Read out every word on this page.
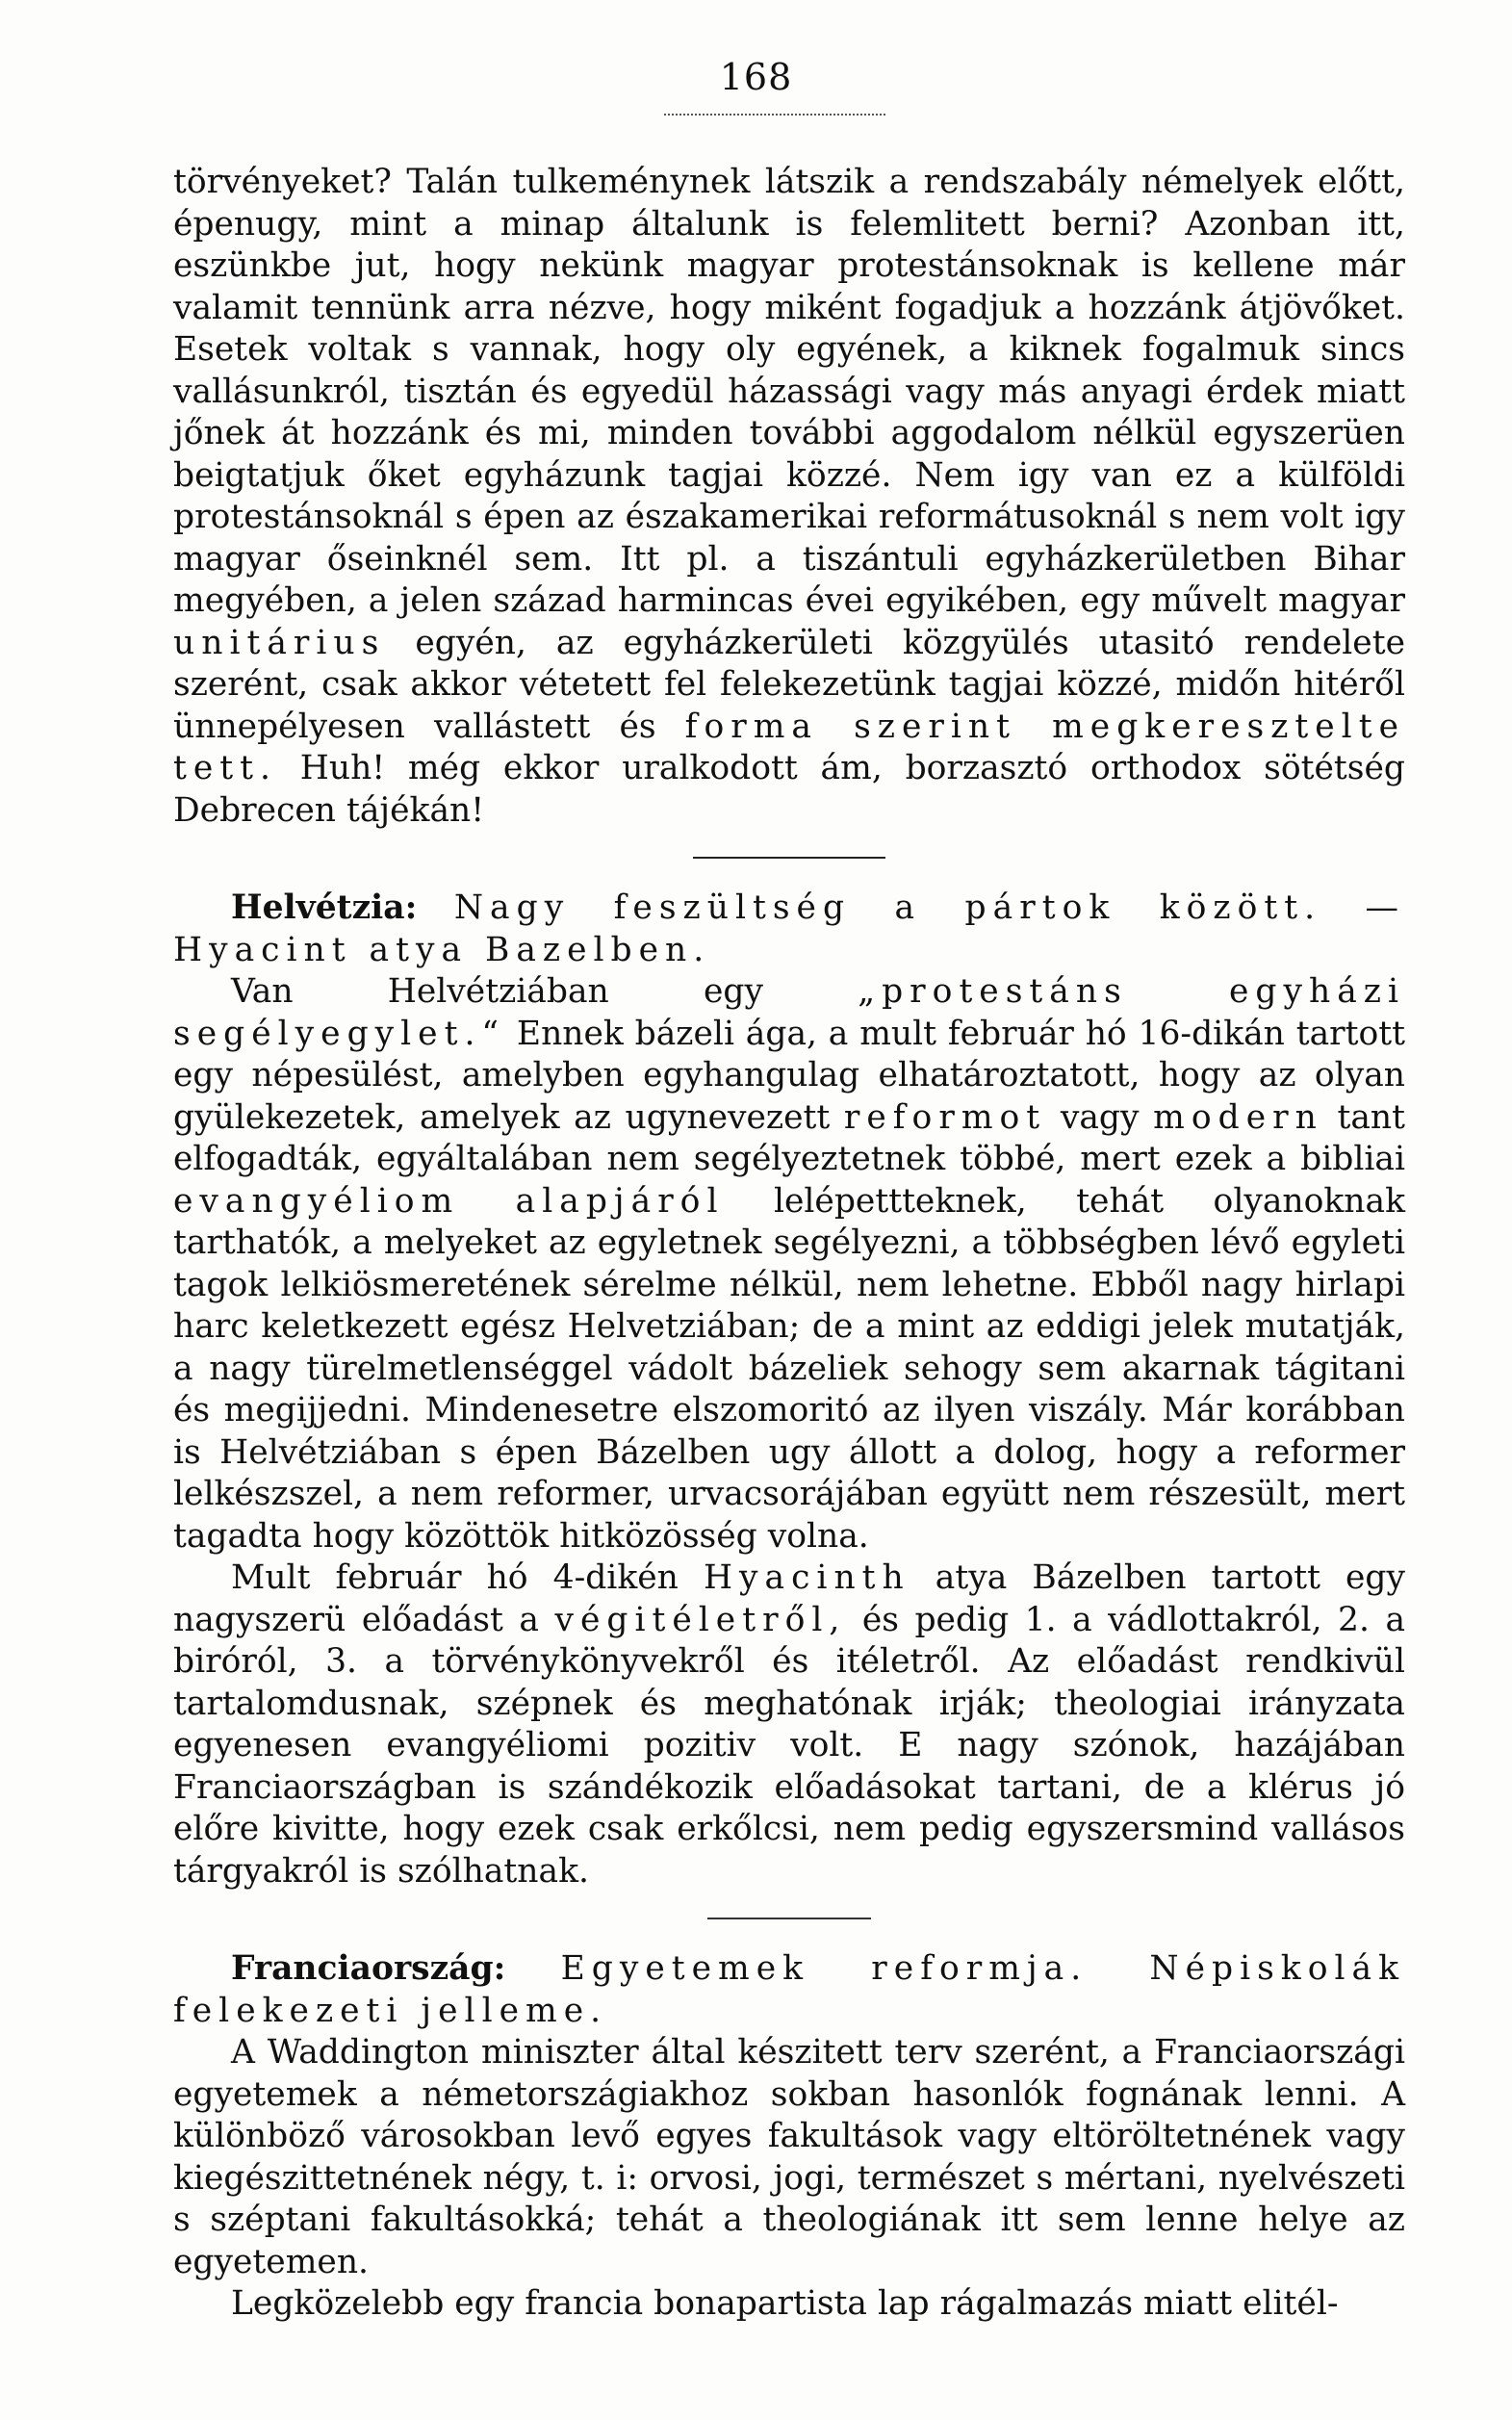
168

törvényeket? Talán tulkeménynek látszik a rendszabály némelyek előtt, épenugy, mint a minap általunk is felemlitett berni? Azonban itt, eszünkbe jut, hogy nekünk magyar protestánsoknak is kellene már valamit tennünk arra nézve, hogy miként fogadjuk a hozzánk átjövőket. Esetek voltak s vannak, hogy oly egyének, a kiknek fogalmuk sincs vallásunkról, tisztán és egyedül házassági vagy más anyagi érdek miatt jőnek át hozzánk és mi, minden további aggodalom nélkül egyszerüen beigtatjuk őket egyházunk tagjai közzé. Nem igy van ez a külföldi protestánsoknál s épen az északamerikai reformátusoknál s nem volt igy magyar őseinknél sem. Itt pl. a tiszántuli egyházkerületben Bihar megyében, a jelen század harmincas évei egyikében, egy művelt magyar unitárius egyén, az egyházkerületi közgyülés utasitó rendelete szerént, csak akkor vétetett fel felekezetünk tagjai közzé, midőn hitéről ünnepélyesen vallástett és forma szerint megkeresztelte tett. Huh! még ekkor uralkodott ám, borzasztó orthodox sötétség Debrecen tájékán!

Helvétzia: Nagy feszültség a pártok között. —Hyacint atya Bazelben.

Van Helvétziában egy	„protestáns egyházi segélyegylet.“ Ennek bázeli ága, a mult február hó 16-dikán tartott egy népesülést, amelyben egyhangulag elhatároztatott, hogy az olyan gyülekezetek, amelyek az ugynevezett reformot vagy modern tant elfogadták, egyáltalában nem segélyeztetnek többé, mert ezek a bibliai evangyéliom alapjáról lelépettteknek, tehát olyanoknak tarthatók, a melyeket az egyletnek segélyezni, a többségben lévő egyleti tagok lelkiösmeretének sérelme nélkül, nem lehetne. Ebből nagy hirlapi harc keletkezett egész Helvetziában; de a mint az eddigi jelek mutatják, a nagy türelmetlenséggel vádolt bázeliek sehogy sem akarnak tágitani és megijjedni. Mindenesetre elszomoritó az ilyen viszály. Már korábban is Helvétziában s épen Bázelben ugy állott a dolog, hogy a reformer lelkészszel, a nem reformer, urvacsorájában együtt nem részesült, mert tagadta hogy közöttök hitközösség volna.

Mult február hó 4-dikén Hyacinth atya Bázelben tartott egy nagyszerü előadást a végitéletről, és pedig 1. a vádlottakról, 2. a biróról, 3. a törvénykönyvekről és itéletről. Az előadást rendkivül tartalomdusnak, szépnek és meghatónak irják; theologiai irányzata egyenesen evangyéliomi pozitiv volt. E nagy szónok, hazájában Franciaországban is szándékozik előadásokat tartani, de a klérus jó előre kivitte, hogy ezek csak erkőlcsi, nem pedig egyszersmind vallásos tárgyakról is szólhatnak.

Franciaország: Egyetemek reformja. Népiskolák felekezeti jelleme.

A Waddington miniszter által készitett terv szerént, a Franciaországi egyetemek a németországiakhoz sokban hasonlók fognának lenni. A különböző városokban levő egyes fakultások vagy eltöröltetnének vagy kiegészittetnének négy, t. i: orvosi, jogi, természet s mértani, nyelvészeti s széptani fakultásokká; tehát a theologiának itt sem lenne helye az egyetemen.

Legközelebb egy francia bonapartista lap rágalmazás miatt elitél-
